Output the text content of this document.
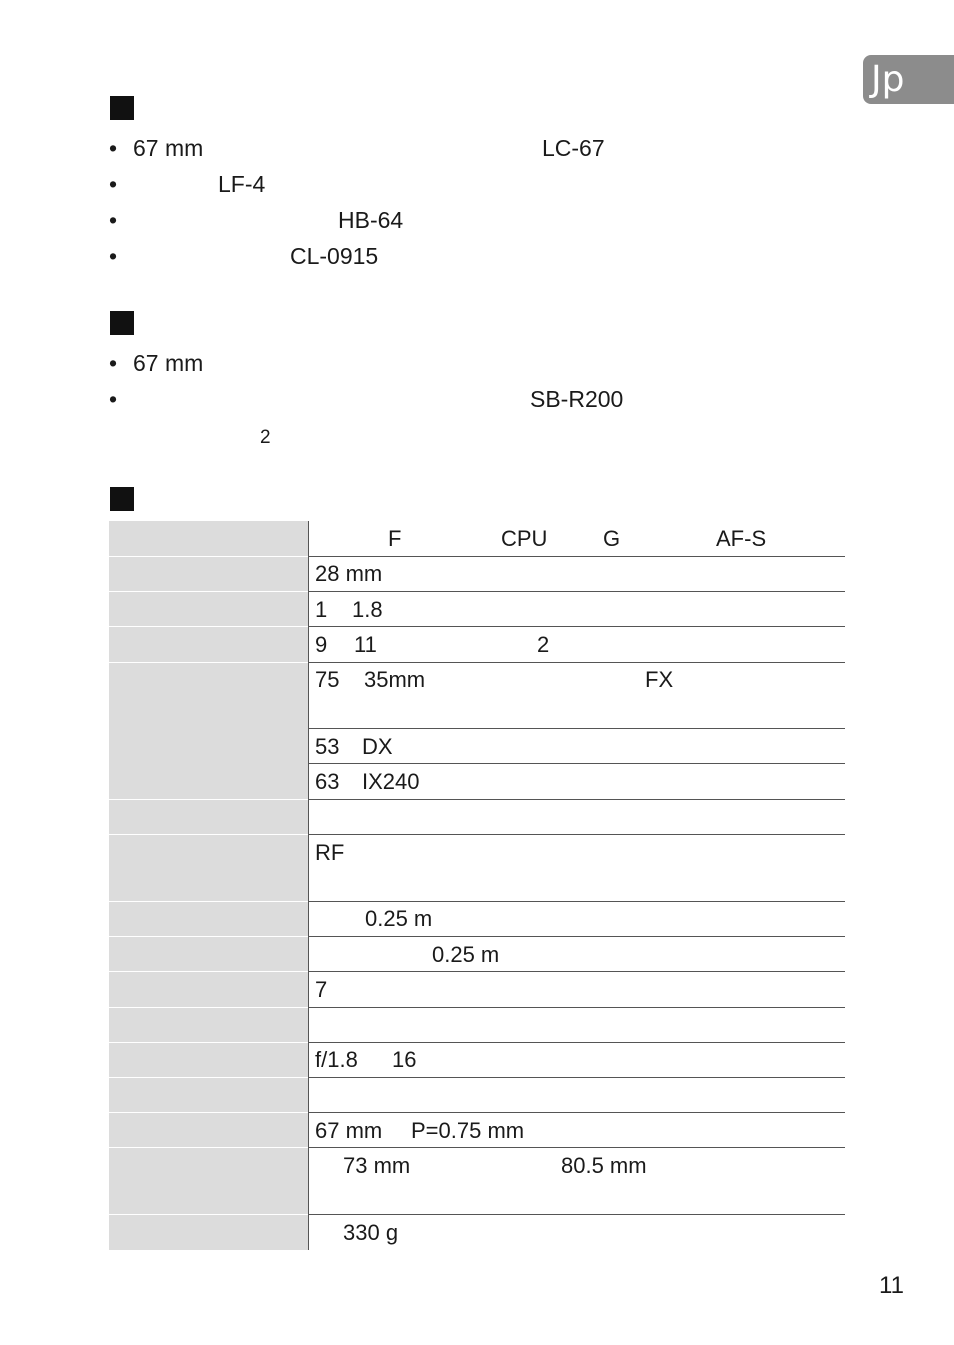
Jp
• 67 mm	LC-67
•	LF-4
•	HB-64
•	CL-0915
• 67 mm
•	SB-R200
2
F	CPU	G	AF-S
28 mm
1 1.8
9 11	2
75 35mm	FX
53 DX
63 IX240
RF
0.25 m
0.25 m
7
f/1.8 16
67 mm P=0.75 mm
73 mm	80.5 mm
330 g
11
